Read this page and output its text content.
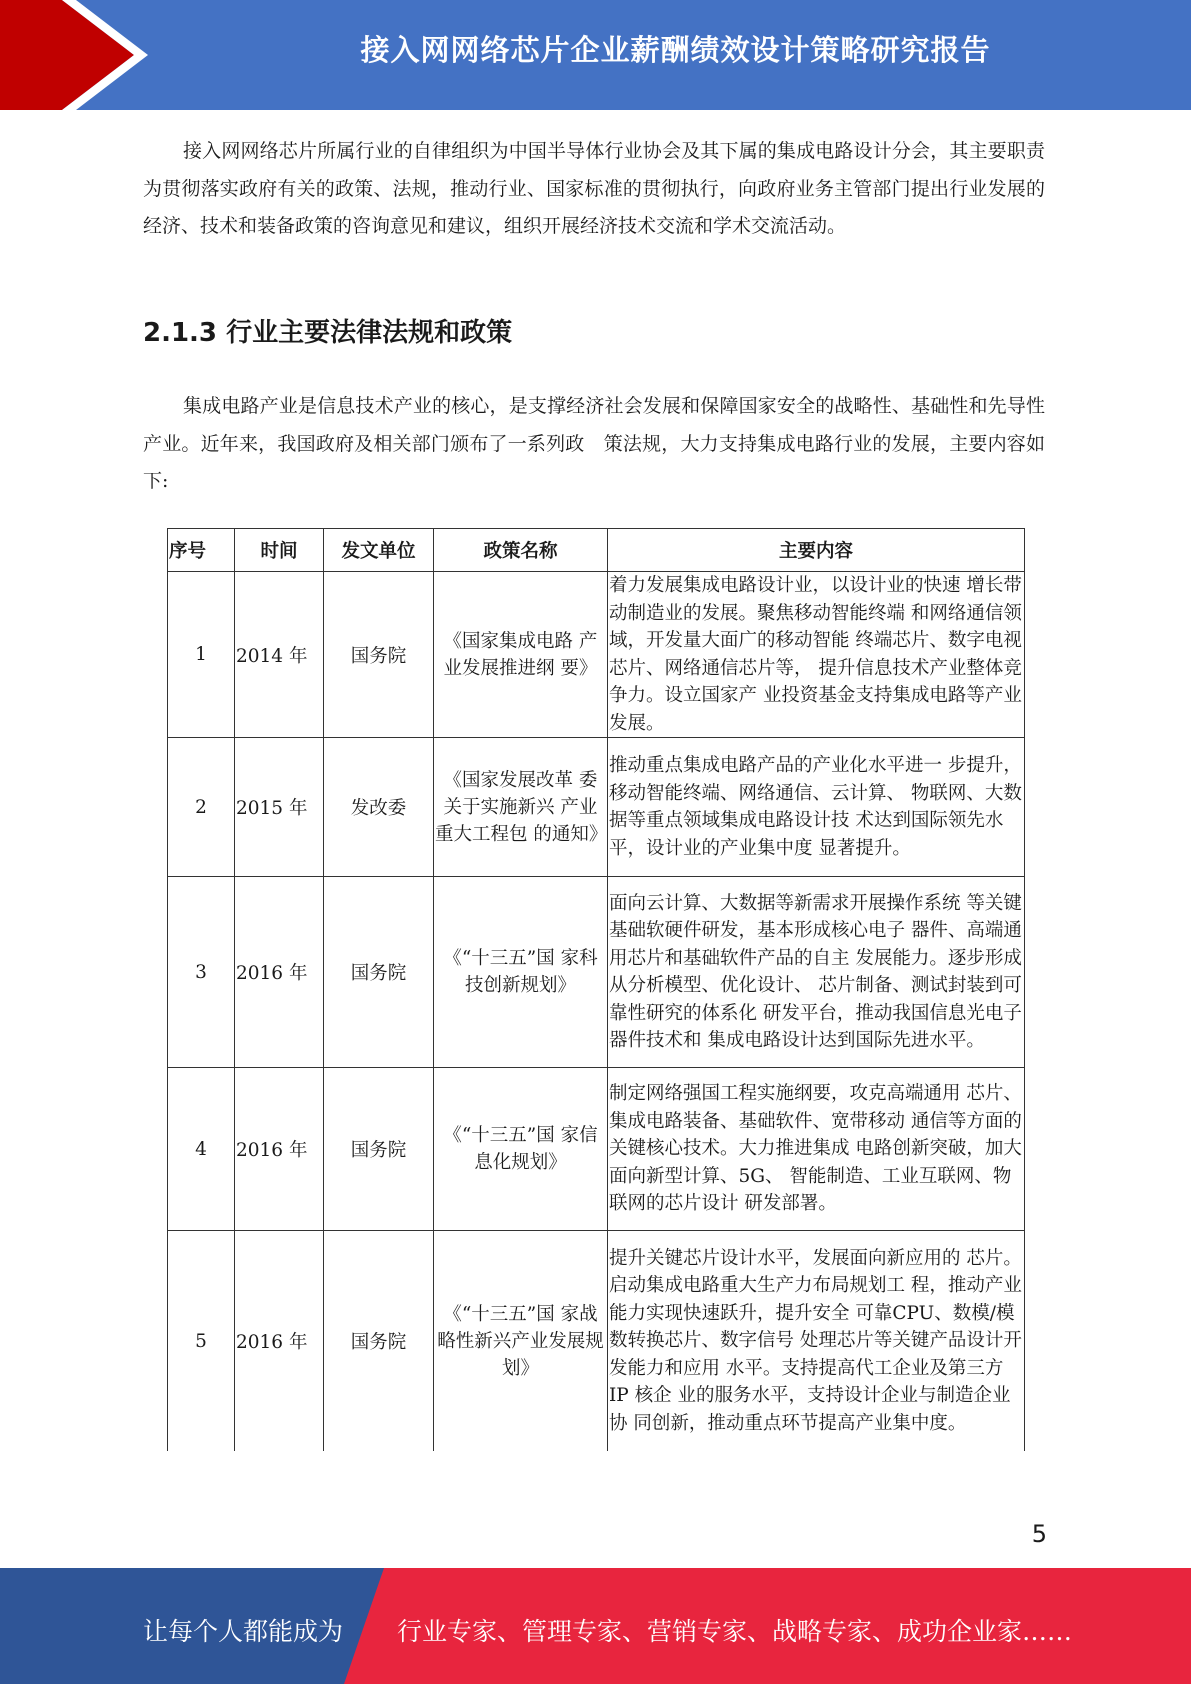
接入网网络芯片企业薪酬绩效设计策略研究报告

接入网网络芯片所属行业的自律组织为中国半导体行业协会及其下属的集成电路设计分会，其主要职责为贯彻落实政府有关的政策、法规，推动行业、国家标准的贯彻执行，向政府业务主管部门提出行业发展的经济、技术和装备政策的咨询意见和建议，组织开展经济技术交流和学术交流活动。

2.1.3 行业主要法律法规和政策

集成电路产业是信息技术产业的核心，是支撑经济社会发展和保障国家安全的战略性、基础性和先导性产业。近年来，我国政府及相关部门颁布了一系列政　策法规，大力支持集成电路行业的发展，主要内容如下:

序号	时间	发文单位	政策名称	主要内容
1	2014 年	国务院	《国家集成电路 产业发展推进纲 要》	着力发展集成电路设计业，以设计业的快速 增长带动制造业的发展。聚焦移动智能终端 和网络通信领域，开发量大面广的移动智能 终端芯片、数字电视芯片、网络通信芯片等， 提升信息技术产业整体竞争力。设立国家产 业投资基金支持集成电路等产业发展。
2	2015 年	发改委	《国家发展改革 委关于实施新兴 产业重大工程包 的通知》	推动重点集成电路产品的产业化水平进一 步提升，移动智能终端、网络通信、云计算、 物联网、大数据等重点领域集成电路设计技 术达到国际领先水平，设计业的产业集中度 显著提升。
3	2016 年	国务院	《“十三五”国 家科技创新规划》	面向云计算、大数据等新需求开展操作系统 等关键基础软硬件研发，基本形成核心电子 器件、高端通用芯片和基础软件产品的自主 发展能力。逐步形成从分析模型、优化设计、 芯片制备、测试封装到可靠性研究的体系化 研发平台，推动我国信息光电子器件技术和 集成电路设计达到国际先进水平。
4	2016 年	国务院	《“十三五”国 家信息化规划》	制定网络强国工程实施纲要，攻克高端通用 芯片、集成电路装备、基础软件、宽带移动 通信等方面的关键核心技术。大力推进集成 电路创新突破，加大面向新型计算、5G、 智能制造、工业互联网、物联网的芯片设计 研发部署。
5	2016 年	国务院	《“十三五”国 家战略性新兴产业发展规划》	提升关键芯片设计水平，发展面向新应用的 芯片。启动集成电路重大生产力布局规划工 程，推动产业能力实现快速跃升，提升安全 可靠CPU、数模/模数转换芯片、数字信号 处理芯片等关键产品设计开发能力和应用 水平。支持提高代工企业及第三方 IP 核企 业的服务水平，支持设计企业与制造企业协 同创新，推动重点环节提高产业集中度。
5
让每个人都能成为 行业专家、管理专家、营销专家、战略专家、成功企业家……
